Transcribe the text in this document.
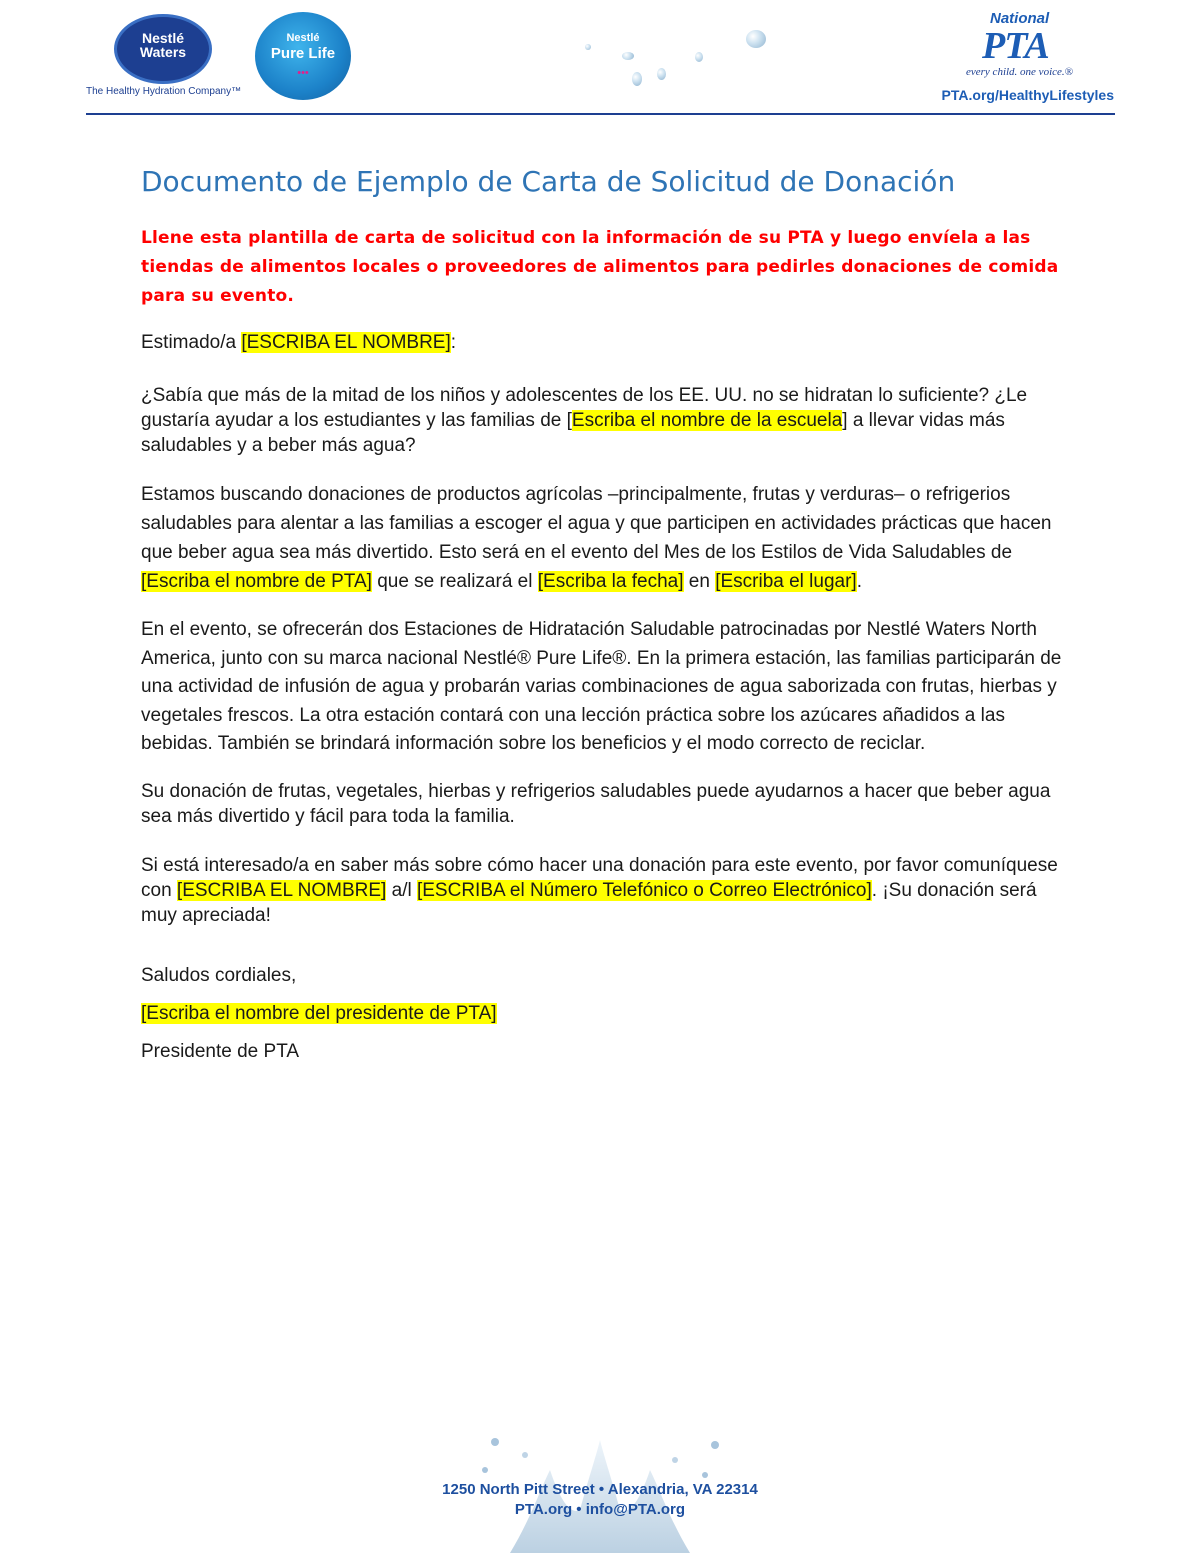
Nestlé
Waters
The Healthy Hydration Company™
Nestlé
Pure Life
•••
National
PTA
every child. one voice.®
PTA.org/HealthyLifestyles
Documento de Ejemplo de Carta de Solicitud de Donación

Llene esta plantilla de carta de solicitud con la información de su PTA y luego envíela a las tiendas de alimentos locales o proveedores de alimentos para pedirles donaciones de comida para su evento.

Estimado/a [ESCRIBA EL NOMBRE]:

¿Sabía que más de la mitad de los niños y adolescentes de los EE. UU. no se hidratan lo suficiente? ¿Le gustaría ayudar a los estudiantes y las familias de [Escriba el nombre de la escuela] a llevar vidas más saludables y a beber más agua?

Estamos buscando donaciones de productos agrícolas –principalmente, frutas y verduras– o refrigerios saludables para alentar a las familias a escoger el agua y que participen en actividades prácticas que hacen que beber agua sea más divertido. Esto será en el evento del Mes de los Estilos de Vida Saludables de [Escriba el nombre de PTA] que se realizará el [Escriba la fecha] en [Escriba el lugar].

En el evento, se ofrecerán dos Estaciones de Hidratación Saludable patrocinadas por Nestlé Waters North America, junto con su marca nacional Nestlé® Pure Life®. En la primera estación, las familias participarán de una actividad de infusión de agua y probarán varias combinaciones de agua saborizada con frutas, hierbas y vegetales frescos. La otra estación contará con una lección práctica sobre los azúcares añadidos a las bebidas. También se brindará información sobre los beneficios y el modo correcto de reciclar.

Su donación de frutas, vegetales, hierbas y refrigerios saludables puede ayudarnos a hacer que beber agua sea más divertido y fácil para toda la familia.

Si está interesado/a en saber más sobre cómo hacer una donación para este evento, por favor comuníquese con [ESCRIBA EL NOMBRE] a/l [ESCRIBA el Número Telefónico o Correo Electrónico]. ¡Su donación será muy apreciada!

Saludos cordiales,

[Escriba el nombre del presidente de PTA]

Presidente de PTA

1250 North Pitt Street • Alexandria, VA 22314
PTA.org • info@PTA.org
